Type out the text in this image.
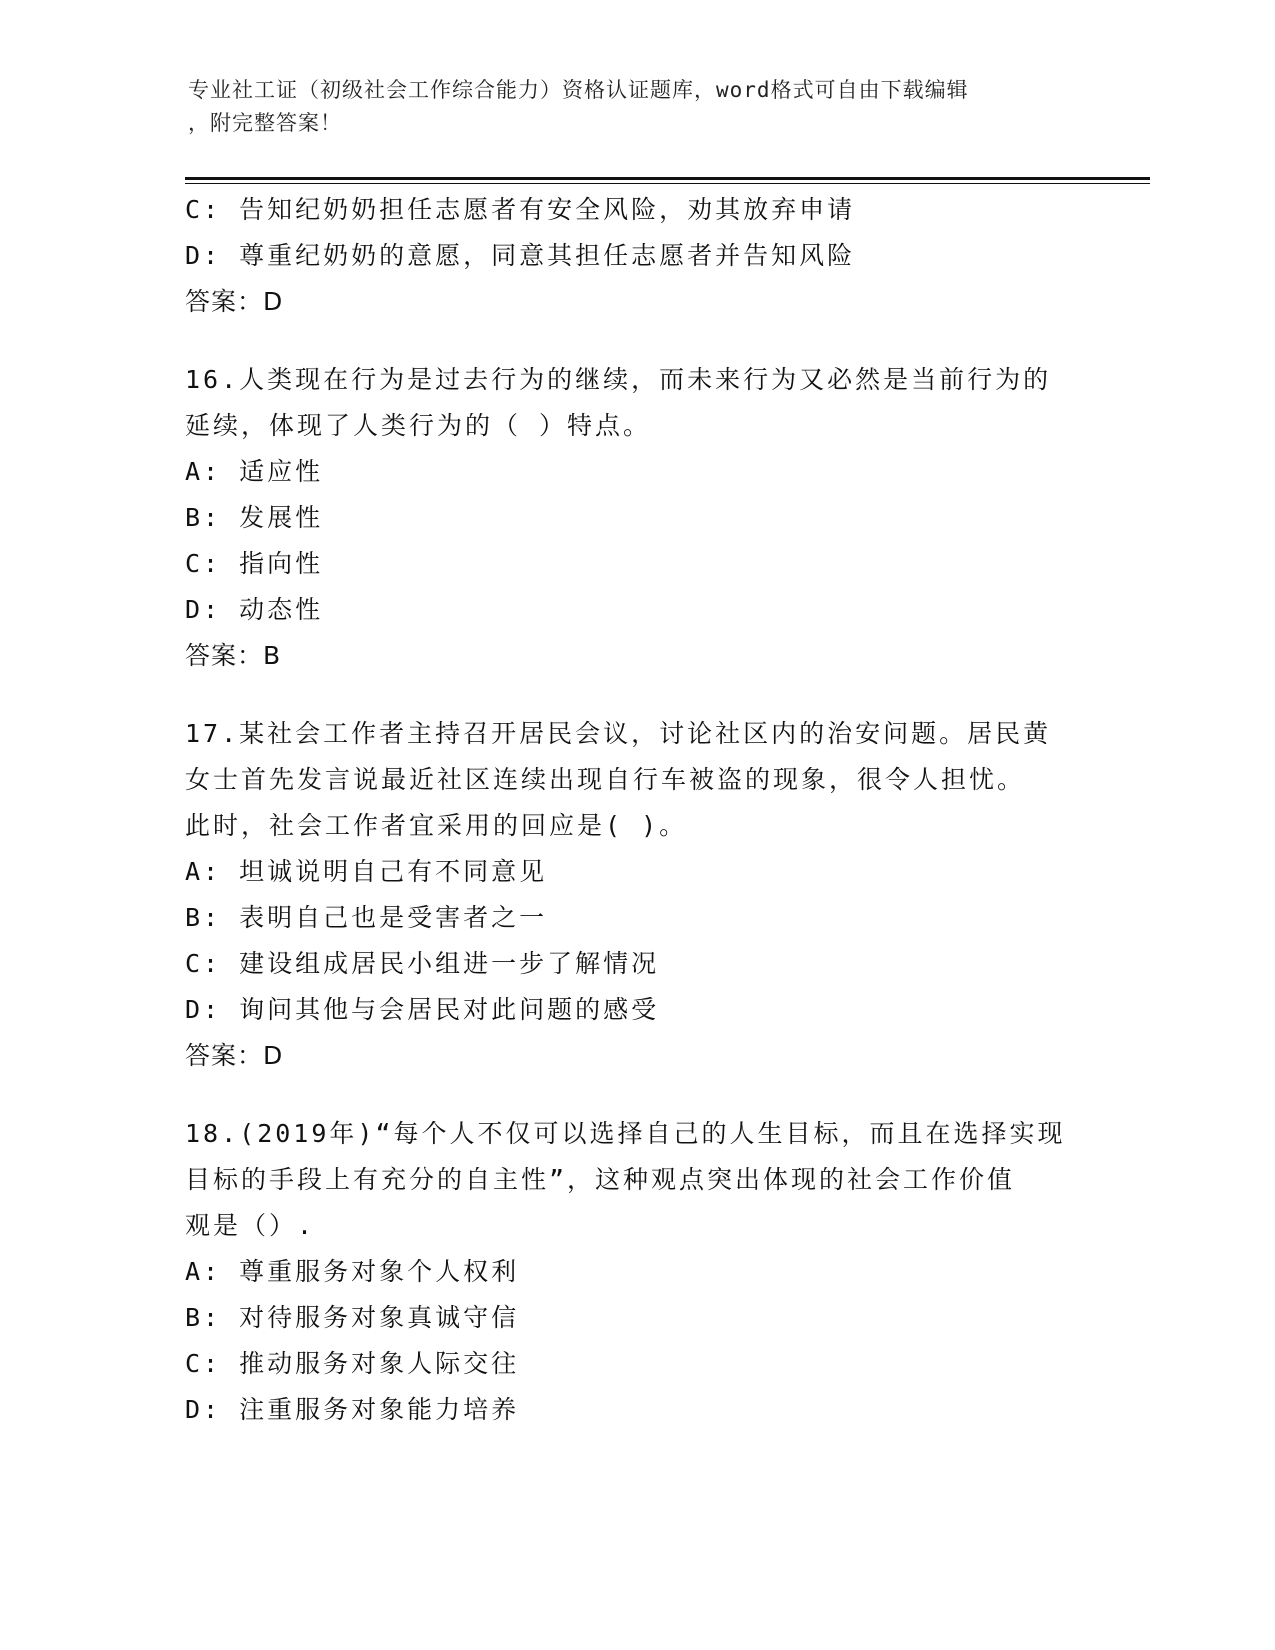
专业社工证（初级社会工作综合能力）资格认证题库，word格式可自由下载编辑
，附完整答案！
C: 告知纪奶奶担任志愿者有安全风险，劝其放弃申请
D: 尊重纪奶奶的意愿，同意其担任志愿者并告知风险
答案：D
16.人类现在行为是过去行为的继续，而未来行为又必然是当前行为的
延续，体现了人类行为的（ ）特点。
A: 适应性
B: 发展性
C: 指向性
D: 动态性
答案：B
17.某社会工作者主持召开居民会议，讨论社区内的治安问题。居民黄
女士首先发言说最近社区连续出现自行车被盗的现象，很令人担忧。
此时，社会工作者宜采用的回应是( )。
A: 坦诚说明自己有不同意见
B: 表明自己也是受害者之一
C: 建设组成居民小组进一步了解情况
D: 询问其他与会居民对此问题的感受
答案：D
18.(2019年)“每个人不仅可以选择自己的人生目标，而且在选择实现
目标的手段上有充分的自主性”，这种观点突出体现的社会工作价值
观是（）.
A: 尊重服务对象个人权利
B: 对待服务对象真诚守信
C: 推动服务对象人际交往
D: 注重服务对象能力培养
